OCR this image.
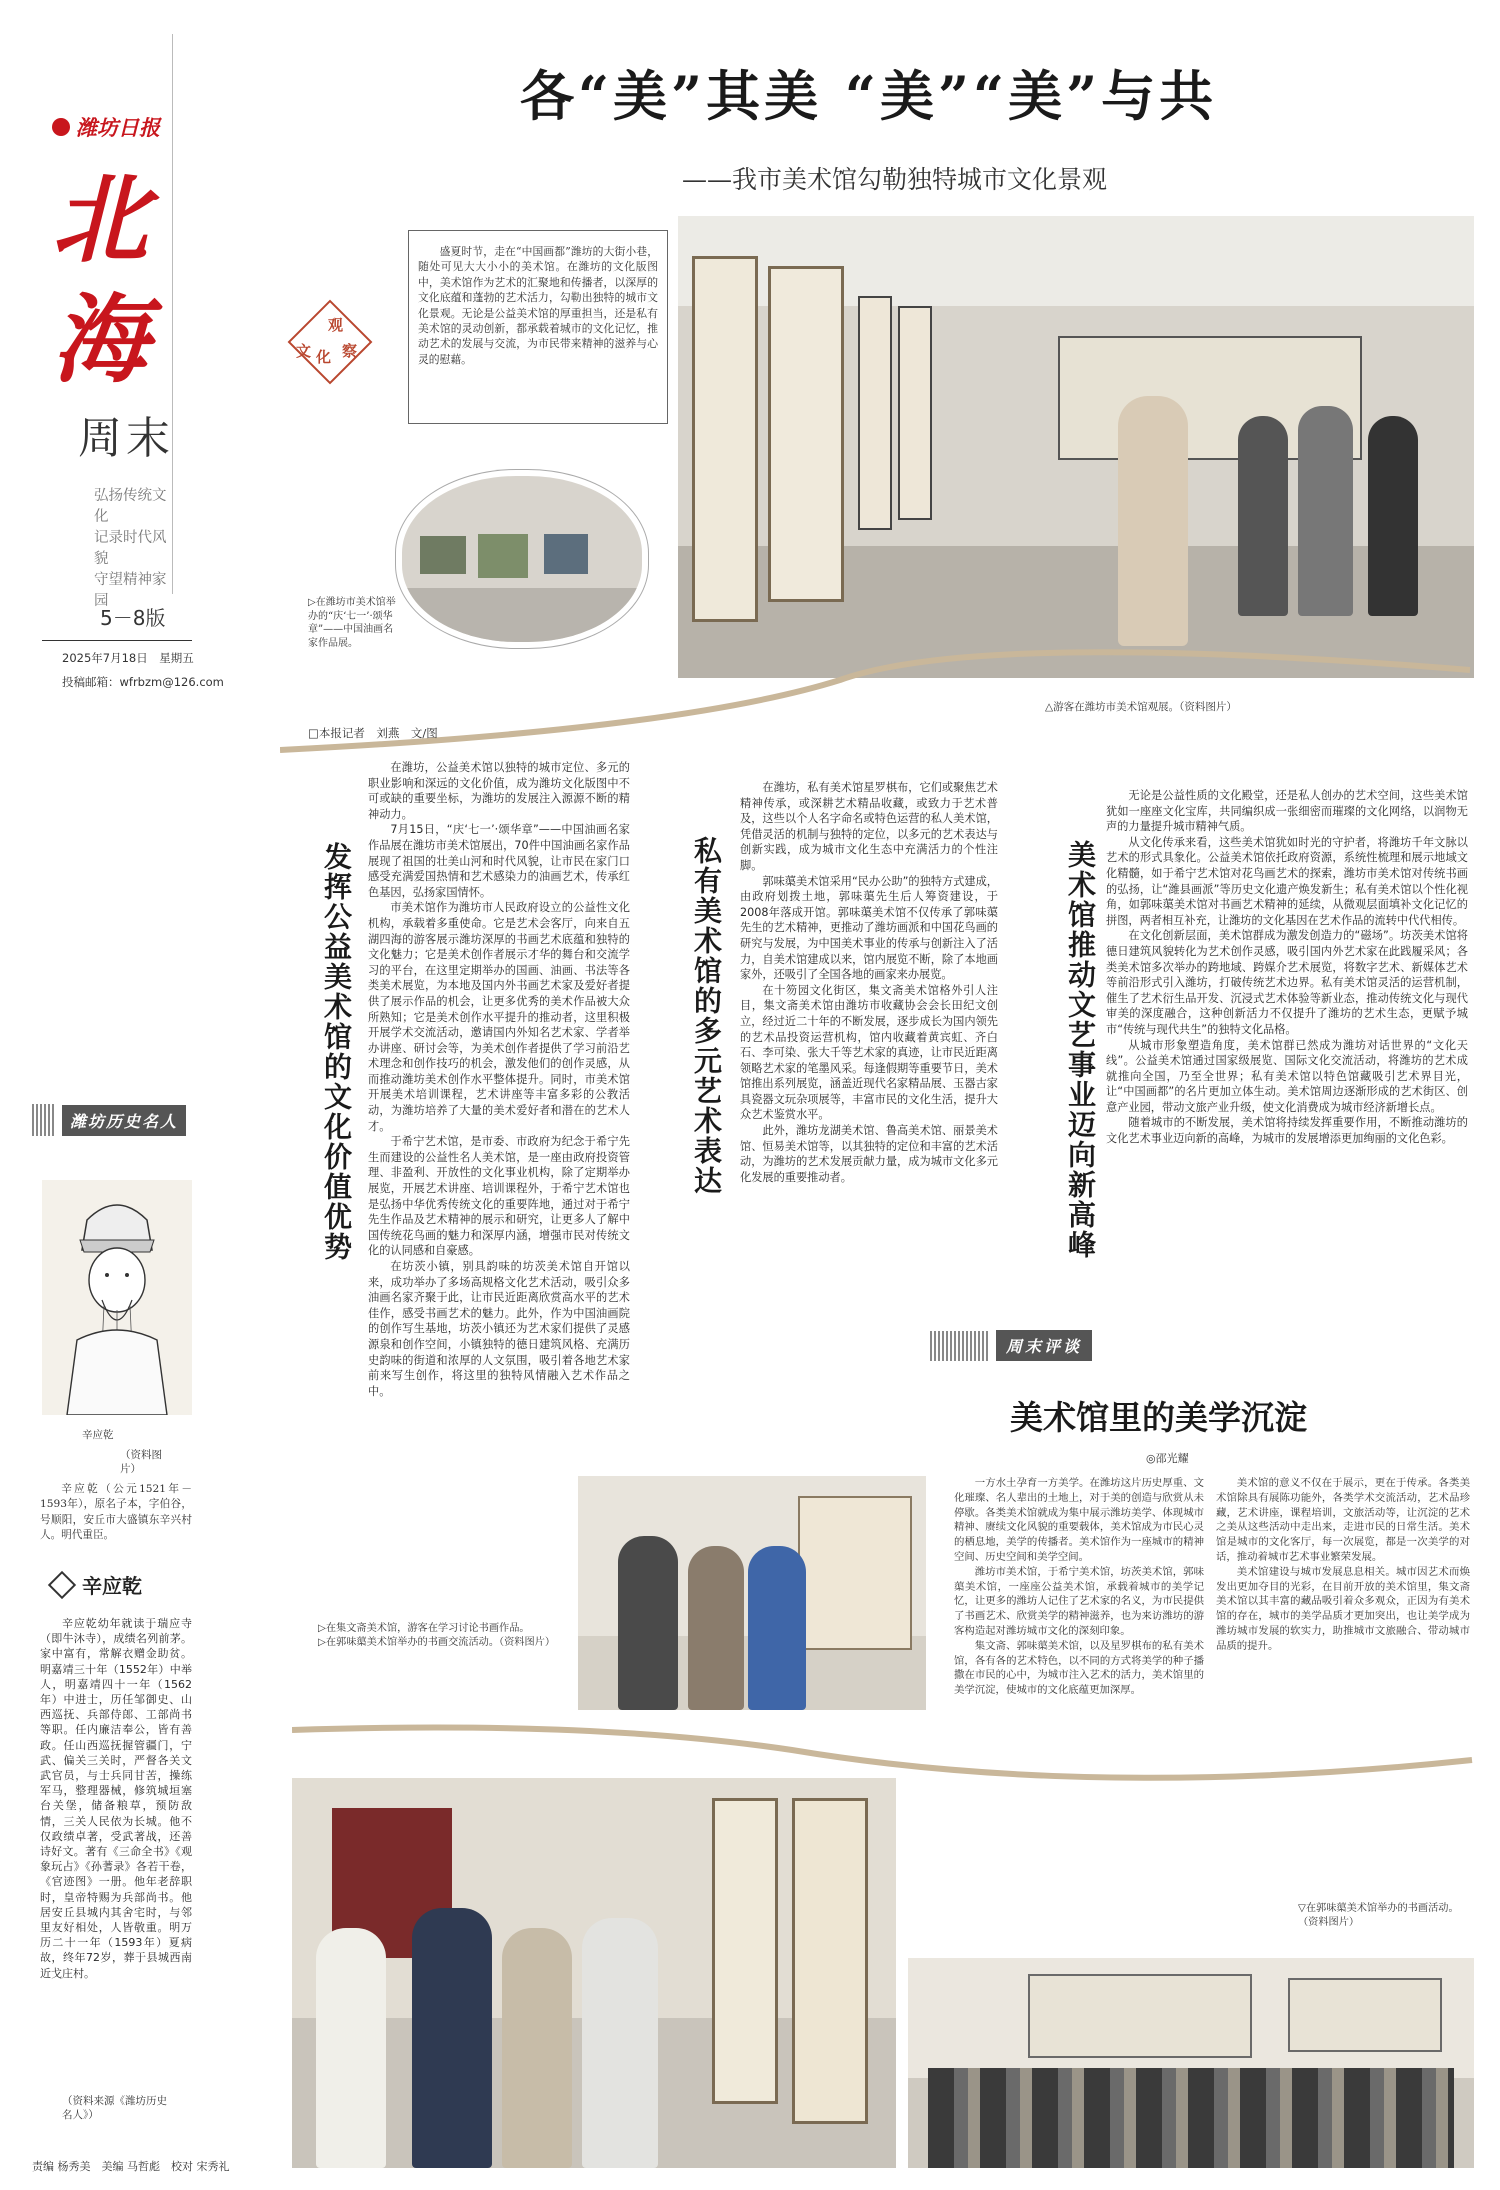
潍坊日报
北
海
周末
弘扬传统文化
记录时代风貌
守望精神家园
5－8版
2025年7月18日　星期五
投稿邮箱：wfrbzm@126.com
潍坊历史名人
辛应乾
（资料图片）

辛应乾（公元1521年－1593年），原名子本，字伯谷，号顺阳，安丘市大盛镇东辛兴村人。明代重臣。

辛应乾

辛应乾幼年就读于瑞应寺（即牛沐寺），成绩名列前茅。家中富有，常解衣赠金助贫。明嘉靖三十年（1552年）中举人，明嘉靖四十一年（1562年）中进士，历任邹御史、山西巡抚、兵部侍郎、工部尚书等职。任内廉洁奉公，皆有善政。任山西巡抚握管疆门，宁武、偏关三关时，严督各关文武官员，与士兵同甘苦，操练军马，整理器械，修筑城垣塞台关堡，储备粮草，预防敌情，三关人民依为长城。他不仅政绩卓著，受武著战，还善诗好文。著有《三命全书》《观象玩占》《孙蓍录》各若干卷，《官迹图》一册。他年老辞职时，皇帝特赐为兵部尚书。他居安丘县城内其舍宅时，与邻里友好相处，人皆敬重。明万历二十一年（1593年）夏病故，终年72岁，葬于县城西南近戈庄村。

（资料来源《潍坊历史名人》）
责编 杨秀美　美编 马哲彪　校对 宋秀礼
各“美”其美 “美”“美”与共
——我市美术馆勾勒独特城市文化景观
△游客在潍坊市美术馆观展。（资料图片）

盛夏时节，走在“中国画都”潍坊的大街小巷，随处可见大大小小的美术馆。在潍坊的文化版图中，美术馆作为艺术的汇聚地和传播者，以深厚的文化底蕴和蓬勃的艺术活力，勾勒出独特的城市文化景观。无论是公益美术馆的厚重担当，还是私有美术馆的灵动创新，都承载着城市的文化记忆，推动艺术的发展与交流，为市民带来精神的滋养与心灵的慰藉。

观
文 化 察
▷在潍坊市美术馆举办的“庆‘七一’·颂华章”——中国油画名家作品展。
□本报记者　刘燕　文/图
发挥公益美术馆的文化价值优势

在潍坊，公益美术馆以独特的城市定位、多元的职业影响和深远的文化价值，成为潍坊文化版图中不可或缺的重要坐标，为潍坊的发展注入源源不断的精神动力。

7月15日，“庆‘七一’·颂华章”——中国油画名家作品展在潍坊市美术馆展出，70件中国油画名家作品展现了祖国的壮美山河和时代风貌，让市民在家门口感受充满爱国热情和艺术感染力的油画艺术，传承红色基因，弘扬家国情怀。

市美术馆作为潍坊市人民政府设立的公益性文化机构，承载着多重使命。它是艺术会客厅，向来自五湖四海的游客展示潍坊深厚的书画艺术底蕴和独特的文化魅力；它是美术创作者展示才华的舞台和交流学习的平台，在这里定期举办的国画、油画、书法等各类美术展览，为本地及国内外书画艺术家及爱好者提供了展示作品的机会，让更多优秀的美术作品被大众所熟知；它是美术创作水平提升的推动者，这里积极开展学术交流活动，邀请国内外知名艺术家、学者举办讲座、研讨会等，为美术创作者提供了学习前沿艺术理念和创作技巧的机会，激发他们的创作灵感，从而推动潍坊美术创作水平整体提升。同时，市美术馆开展美术培训课程，艺术讲座等丰富多彩的公教活动，为潍坊培养了大量的美术爱好者和潜在的艺术人才。

于希宁艺术馆，是市委、市政府为纪念于希宁先生而建设的公益性名人美术馆，是一座由政府投资管理、非盈利、开放性的文化事业机构，除了定期举办展览，开展艺术讲座、培训课程外，于希宁艺术馆也是弘扬中华优秀传统文化的重要阵地，通过对于希宁先生作品及艺术精神的展示和研究，让更多人了解中国传统花鸟画的魅力和深厚内涵，增强市民对传统文化的认同感和自豪感。

在坊茨小镇，别具韵味的坊茨美术馆自开馆以来，成功举办了多场高规格文化艺术活动，吸引众多油画名家齐聚于此，让市民近距离欣赏高水平的艺术佳作，感受书画艺术的魅力。此外，作为中国油画院的创作写生基地，坊茨小镇还为艺术家们提供了灵感源泉和创作空间，小镇独特的德日建筑风格、充满历史韵味的街道和浓厚的人文氛围，吸引着各地艺术家前来写生创作，将这里的独特风情融入艺术作品之中。

私有美术馆的多元艺术表达

在潍坊，私有美术馆星罗棋布，它们或聚焦艺术精神传承，或深耕艺术精品收藏，或致力于艺术普及，这些以个人名字命名或特色运营的私人美术馆，凭借灵活的机制与独特的定位，以多元的艺术表达与创新实践，成为城市文化生态中充满活力的个性注脚。

郭味蕖美术馆采用“民办公助”的独特方式建成，由政府划拨土地，郭味蕖先生后人筹资建设，于2008年落成开馆。郭味蕖美术馆不仅传承了郭味蕖先生的艺术精神，更推动了潍坊画派和中国花鸟画的研究与发展，为中国美术事业的传承与创新注入了活力，自美术馆建成以来，馆内展览不断，除了本地画家外，还吸引了全国各地的画家来办展览。

在十笏园文化街区，集文斋美术馆格外引人注目，集文斋美术馆由潍坊市收藏协会会长田纪文创立，经过近二十年的不断发展，逐步成长为国内领先的艺术品投资运营机构，馆内收藏着黄宾虹、齐白石、李可染、张大千等艺术家的真迹，让市民近距离领略艺术家的笔墨风采。每逢假期等重要节日，美术馆推出系列展览，涵盖近现代名家精品展、玉器古家具瓷器文玩杂项展等，丰富市民的文化生活，提升大众艺术鉴赏水平。

此外，潍坊龙湖美术馆、鲁高美术馆、丽景美术馆、恒易美术馆等，以其独特的定位和丰富的艺术活动，为潍坊的艺术发展贡献力量，成为城市文化多元化发展的重要推动者。	美术馆推动文艺事业迈向新高峰

无论是公益性质的文化殿堂，还是私人创办的艺术空间，这些美术馆犹如一座座文化宝库，共同编织成一张细密而璀璨的文化网络，以润物无声的力量提升城市精神气质。

从文化传承来看，这些美术馆犹如时光的守护者，将潍坊千年文脉以艺术的形式具象化。公益美术馆依托政府资源，系统性梳理和展示地域文化精髓，如于希宁艺术馆对花鸟画艺术的探索，潍坊市美术馆对传统书画的弘扬，让“潍县画派”等历史文化遗产焕发新生；私有美术馆以个性化视角，如郭味蕖美术馆对书画艺术精神的延续，从微观层面填补文化记忆的拼图，两者相互补充，让潍坊的文化基因在艺术作品的流转中代代相传。

在文化创新层面，美术馆群成为激发创造力的“磁场”。坊茨美术馆将德日建筑风貌转化为艺术创作灵感，吸引国内外艺术家在此践履采风；各类美术馆多次举办的跨地域、跨媒介艺术展览，将数字艺术、新媒体艺术等前沿形式引入潍坊，打破传统艺术边界。私有美术馆灵活的运营机制，催生了艺术衍生品开发、沉浸式艺术体验等新业态，推动传统文化与现代审美的深度融合，这种创新活力不仅提升了潍坊的艺术生态，更赋予城市“传统与现代共生”的独特文化品格。

从城市形象塑造角度，美术馆群已然成为潍坊对话世界的“文化天线”。公益美术馆通过国家级展览、国际文化交流活动，将潍坊的艺术成就推向全国，乃至全世界；私有美术馆以特色馆藏吸引艺术界目光，让“中国画都”的名片更加立体生动。美术馆周边逐渐形成的艺术街区、创意产业园，带动文旅产业升级，使文化消费成为城市经济新增长点。

随着城市的不断发展，美术馆将持续发挥重要作用，不断推动潍坊的文化艺术事业迈向新的高峰，为城市的发展增添更加绚丽的文化色彩。

周末评谈
美术馆里的美学沉淀
◎邵光耀

一方水土孕育一方美学。在潍坊这片历史厚重、文化璀璨、名人辈出的土地上，对于美的创造与欣赏从未停歇。各类美术馆就成为集中展示潍坊美学、体现城市精神、赓续文化风貌的重要载体，美术馆成为市民心灵的栖息地，美学的传播者。美术馆作为一座城市的精神空间、历史空间和美学空间。

潍坊市美术馆，于希宁美术馆，坊茨美术馆，郭味蕖美术馆，一座座公益美术馆，承载着城市的美学记忆，让更多的潍坊人记住了艺术家的名义，为市民提供了书画艺术、欣赏美学的精神滋养，也为来访潍坊的游客构造起对潍坊城市文化的深刻印象。

集文斋、郭味蕖美术馆，以及星罗棋布的私有美术馆，各有各的艺术特色，以不同的方式将美学的种子播撒在市民的心中，为城市注入艺术的活力，美术馆里的美学沉淀，使城市的文化底蕴更加深厚。

美术馆的意义不仅在于展示，更在于传承。各类美术馆除具有展陈功能外，各类学术交流活动，艺术品珍藏，艺术讲座，课程培训，文旅活动等，让沉淀的艺术之美从这些活动中走出来，走进市民的日常生活。美术馆是城市的文化客厅，每一次展览，都是一次美学的对话，推动着城市艺术事业繁荣发展。

美术馆建设与城市发展息息相关。城市因艺术而焕发出更加夺目的光彩，在目前开放的美术馆里，集文斋美术馆以其丰富的藏品吸引着众多观众，正因为有美术馆的存在，城市的美学品质才更加突出，也让美学成为潍坊城市发展的软实力，助推城市文旅融合、带动城市品质的提升。

▷在集文斋美术馆，游客在学习讨论书画作品。
▷在郭味蕖美术馆举办的书画交流活动。（资料图片）
▽在郭味蕖美术馆举办的书画活动。（资料图片）
